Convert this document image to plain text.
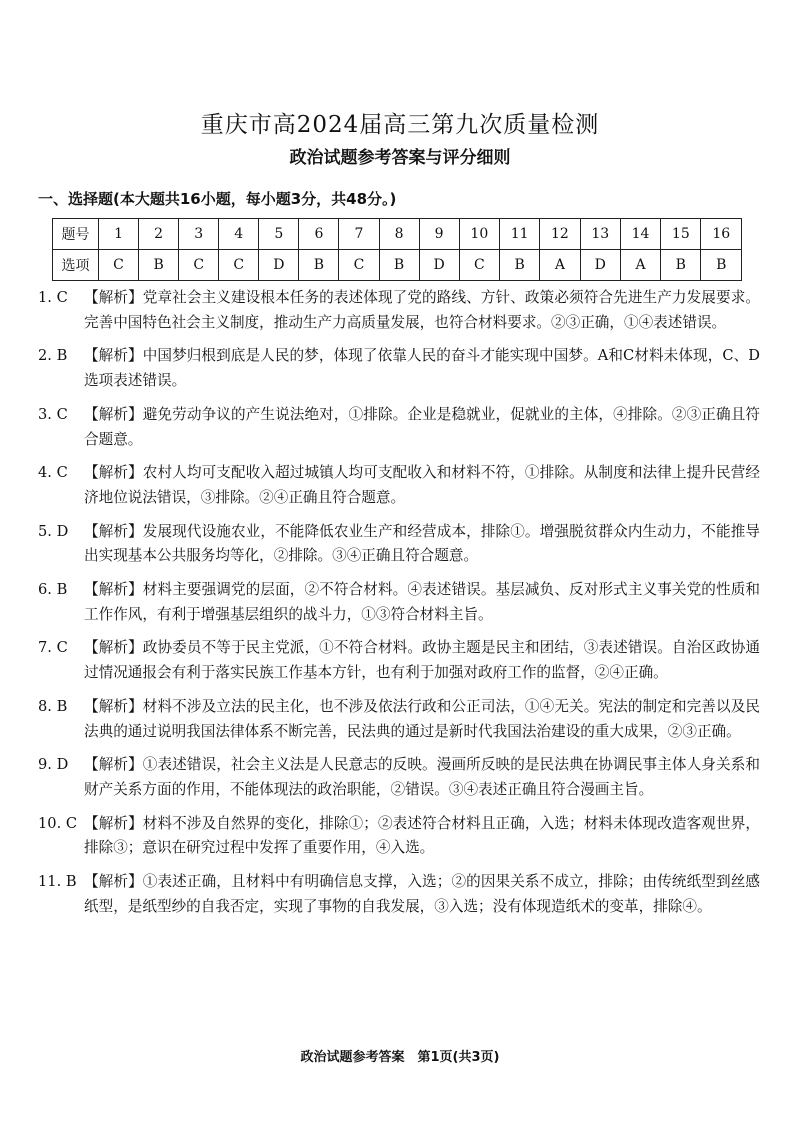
重庆市高2024届高三第九次质量检测
政治试题参考答案与评分细则
一、选择题(本大题共16小题，每小题3分，共48分。)
题号	1	2	3	4	5	6	7	8	9	10	11	12	13	14	15	16
选项	C	B	C	C	D	B	C	B	D	C	B	A	D	A	B	B
1. C 【解析】党章社会主义建设根本任务的表述体现了党的路线、方针、政策必须符合先进生产力发展要求。完善中国特色社会主义制度，推动生产力高质量发展，也符合材料要求。②③正确，①④表述错误。
2. B 【解析】中国梦归根到底是人民的梦，体现了依靠人民的奋斗才能实现中国梦。A和C材料未体现，C、D选项表述错误。
3. C 【解析】避免劳动争议的产生说法绝对，①排除。企业是稳就业，促就业的主体，④排除。②③正确且符合题意。
4. C 【解析】农村人均可支配收入超过城镇人均可支配收入和材料不符，①排除。从制度和法律上提升民营经济地位说法错误，③排除。②④正确且符合题意。
5. D 【解析】发展现代设施农业，不能降低农业生产和经营成本，排除①。增强脱贫群众内生动力，不能推导出实现基本公共服务均等化，②排除。③④正确且符合题意。
6. B 【解析】材料主要强调党的层面，②不符合材料。④表述错误。基层减负、反对形式主义事关党的性质和工作作风，有利于增强基层组织的战斗力，①③符合材料主旨。
7. C 【解析】政协委员不等于民主党派，①不符合材料。政协主题是民主和团结，③表述错误。自治区政协通过情况通报会有利于落实民族工作基本方针，也有利于加强对政府工作的监督，②④正确。
8. B 【解析】材料不涉及立法的民主化，也不涉及依法行政和公正司法，①④无关。宪法的制定和完善以及民法典的通过说明我国法律体系不断完善，民法典的通过是新时代我国法治建设的重大成果，②③正确。
9. D 【解析】①表述错误，社会主义法是人民意志的反映。漫画所反映的是民法典在协调民事主体人身关系和财产关系方面的作用，不能体现法的政治职能，②错误。③④表述正确且符合漫画主旨。
10. C 【解析】材料不涉及自然界的变化，排除①；②表述符合材料且正确，入选；材料未体现改造客观世界，排除③；意识在研究过程中发挥了重要作用，④入选。
11. B 【解析】①表述正确，且材料中有明确信息支撑，入选；②的因果关系不成立，排除；由传统纸型到丝感纸型，是纸型纱的自我否定，实现了事物的自我发展，③入选；没有体现造纸术的变革，排除④。
政治试题参考答案　第1页(共3页)
